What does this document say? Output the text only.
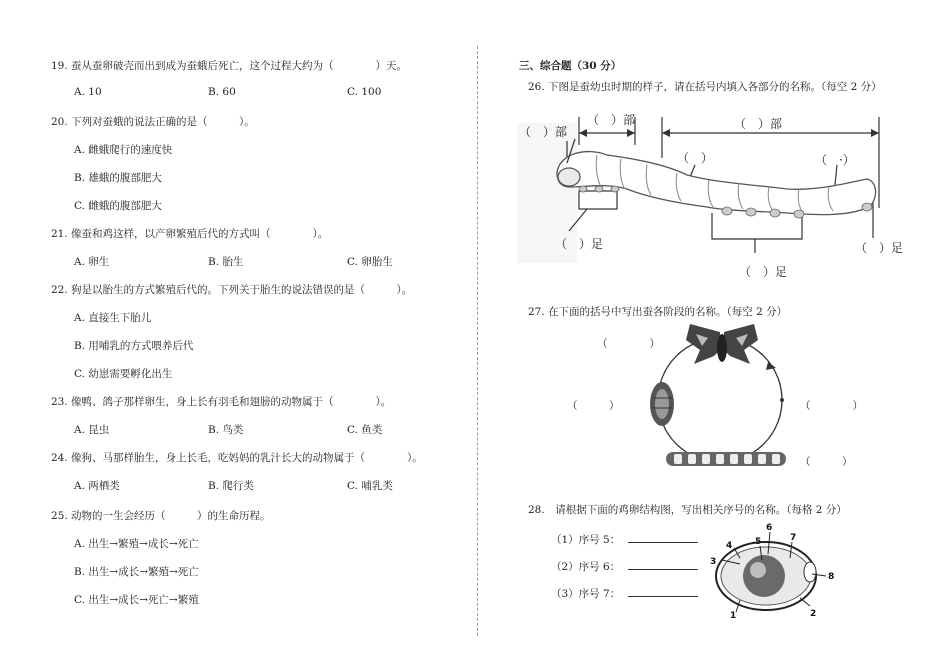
19. 蚕从蚕卵破壳而出到成为蚕蛾后死亡，这个过程大约为（　　　　）天。
A. 10	B. 60	C. 100
20. 下列对蚕蛾的说法正确的是（　　　）。
A. 雌蛾爬行的速度快
B. 雄蛾的腹部肥大
C. 雌蛾的腹部肥大
21. 像蚕和鸡这样，以产卵繁殖后代的方式叫（　　　　）。
A. 卵生	B. 胎生	C. 卵胎生
22. 狗是以胎生的方式繁殖后代的。下列关于胎生的说法错误的是（　　　）。
A. 直接生下胎儿
B. 用哺乳的方式喂养后代
C. 幼崽需要孵化出生
23. 像鸭、鸽子那样卵生，身上长有羽毛和翅膀的动物属于（　　　　）。
A. 昆虫	B. 鸟类	C. 鱼类
24. 像狗、马那样胎生，身上长毛，吃妈妈的乳汁长大的动物属于（　　　　）。
A. 两栖类	B. 爬行类	C. 哺乳类
25. 动物的一生会经历（　　　）的生命历程。
A. 出生→繁殖→成长→死亡
B. 出生→成长→繁殖→死亡
C. 出生→成长→死亡→繁殖
三、综合题（30 分）
26. 下图是蚕幼虫时期的样子，请在括号内填入各部分的名称。（每空 2 分）
（　）部
（　）部	（　）部
（　）	（　·）
（　）足
（　）足
（　）足
27. 在下面的括号中写出蚕各阶段的名称。（每空 2 分）
（　　　　）
（　　　）	（　　　　）
（　　　）
28.　请根据下面的鸡卵结构图，写出相关序号的名称。（每格 2 分）
（1）序号 5：
（2）序号 6：
（3）序号 7：
3
4	5
6
7
8
2
1
